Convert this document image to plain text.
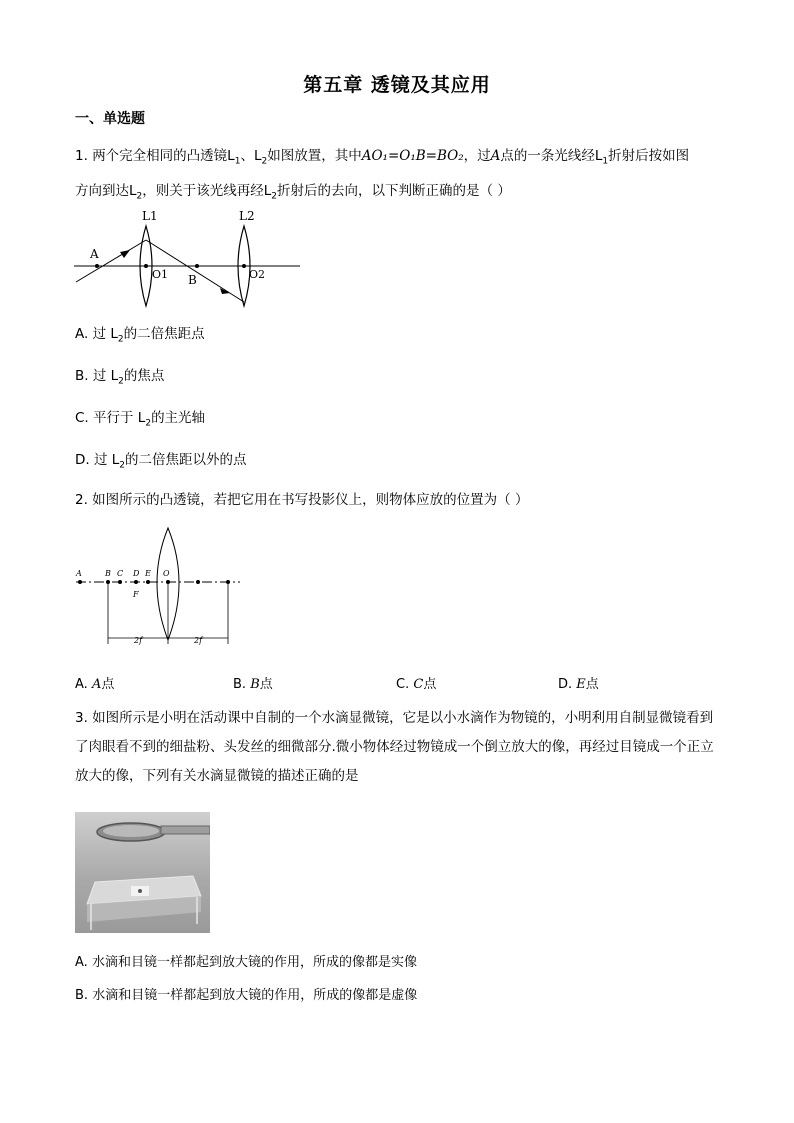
第五章 透镜及其应用
一、单选题
1. 两个完全相同的凸透镜$L_1$、$L_2$如图放置，其中AO₁=O₁B=BO₂，过A点的一条光线经$L_1$折射后按如图
方向到达$L_2$，则关于该光线再经$L_2$折射后的去向，以下判断正确的是（ ）
A
L1	L2
O1 B	O2
A. 过 $L_2$的二倍焦距点
B. 过 $L_2$的焦点
C. 平行于 $L_2$的主光轴
D. 过 $L_2$的二倍焦距以外的点
2. 如图所示的凸透镜，若把它用在书写投影仪上，则物体应放的位置为（ ）
A	B C D E O
F
2f	2f
A. A点	B. B点	C. C点	D. E点
3. 如图所示是小明在活动课中自制的一个水滴显微镜，它是以小水滴作为物镜的，小明利用自制显微镜看到了肉眼看不到的细盐粉、头发丝的细微部分.微小物体经过物镜成一个倒立放大的像，再经过目镜成一个正立放大的像，下列有关水滴显微镜的描述正确的是
A. 水滴和目镜一样都起到放大镜的作用，所成的像都是实像
B. 水滴和目镜一样都起到放大镜的作用，所成的像都是虚像
